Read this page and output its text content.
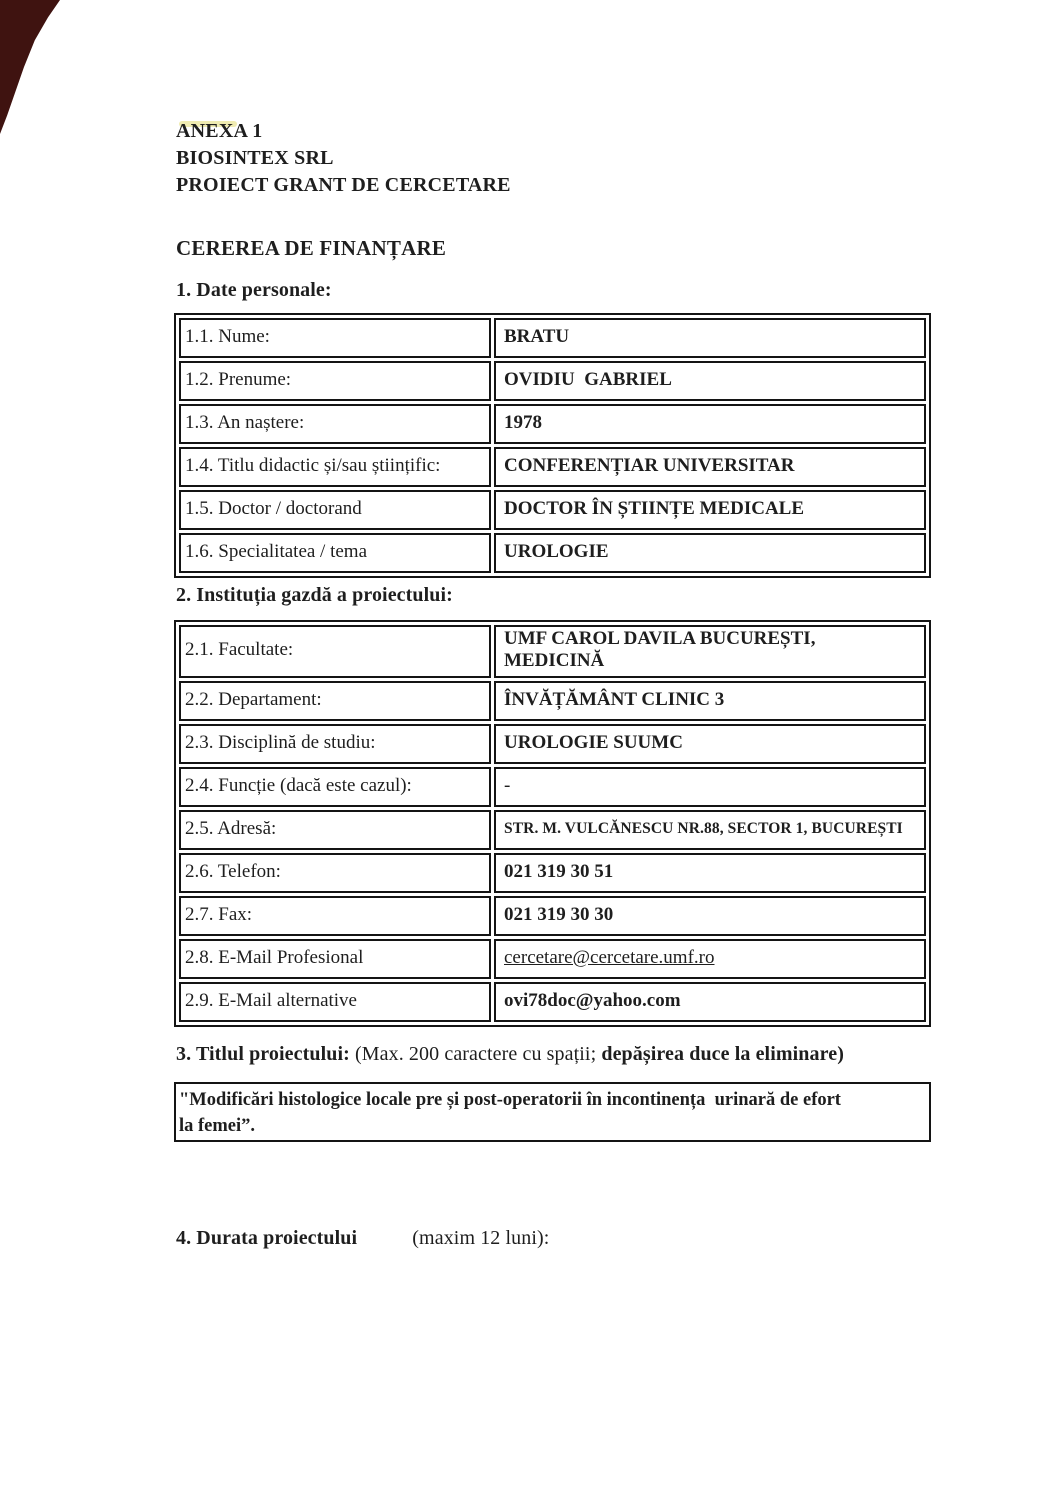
ANEXA 1
BIOSINTEX SRL
PROIECT GRANT DE CERCETARE
CEREREA DE FINANȚARE
1. Date personale:
1.1. Nume:	BRATU
1.2. Prenume:	OVIDIU  GABRIEL
1.3. An naștere:	1978
1.4. Titlu didactic și/sau științific:	CONFERENȚIAR UNIVERSITAR
1.5. Doctor / doctorand	DOCTOR ÎN ȘTIINȚE MEDICALE
1.6. Specialitatea / tema	UROLOGIE
2. Instituția gazdă a proiectului:
2.1. Facultate:	UMF CAROL DAVILA BUCUREȘTI, MEDICINĂ
2.2. Departament:	ÎNVĂȚĂMÂNT CLINIC 3
2.3. Disciplină de studiu:	UROLOGIE SUUMC
2.4. Funcție (dacă este cazul):	-
2.5. Adresă:	STR. M. VULCĂNESCU NR.88, SECTOR 1, BUCUREȘTI
2.6. Telefon:	021 319 30 51
2.7. Fax:	021 319 30 30
2.8. E-Mail Profesional	cercetare@cercetare.umf.ro
2.9. E-Mail alternative	ovi78doc@yahoo.com
3. Titlul proiectului: (Max. 200 caractere cu spații; depășirea duce la eliminare)
"Modificări histologice locale pre și post-operatorii în incontinența  urinară de efort
la femei”.
4. Durata proiectului	(maxim 12 luni):
